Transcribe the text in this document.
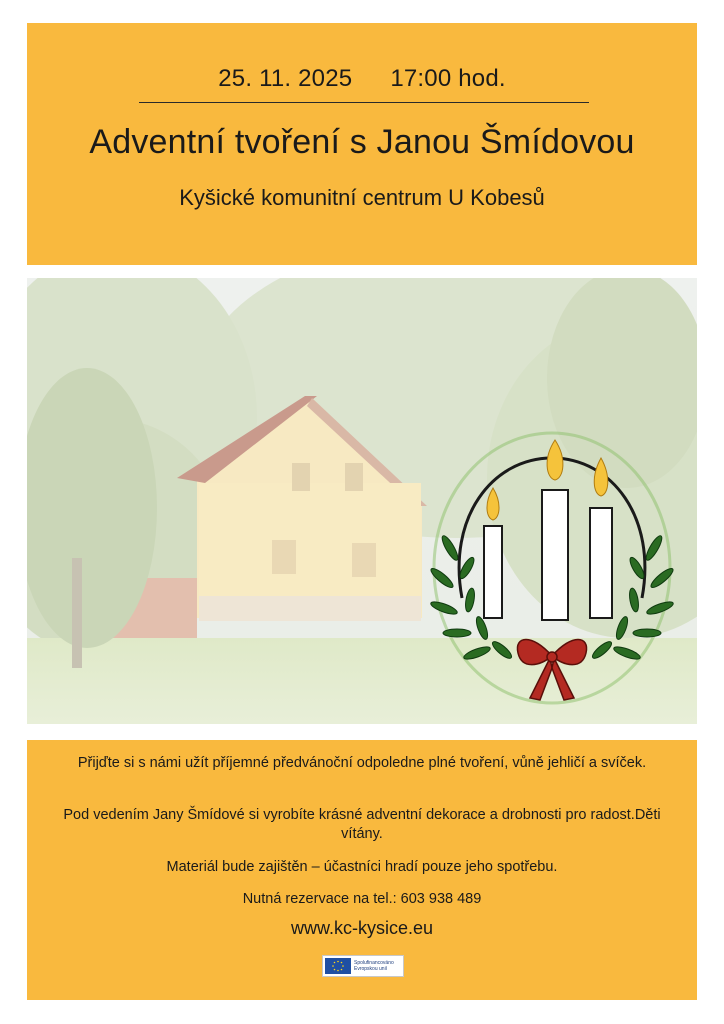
25. 11. 2025 17:00 hod.
Adventní tvoření s Janou Šmídovou
Kyšické komunitní centrum U Kobesů
Přijďte si s námi užít příjemné předvánoční odpoledne plné tvoření, vůně jehličí a svíček.
Pod vedením Jany Šmídové si vyrobíte krásné adventní dekorace a drobnosti pro radost.Děti vítány.
Materiál bude zajištěn – účastníci hradí pouze jeho spotřebu.
Nutná rezervace na tel.: 603 938 489
www.kc-kysice.eu
Spolufinancováno
Evropskou unií
